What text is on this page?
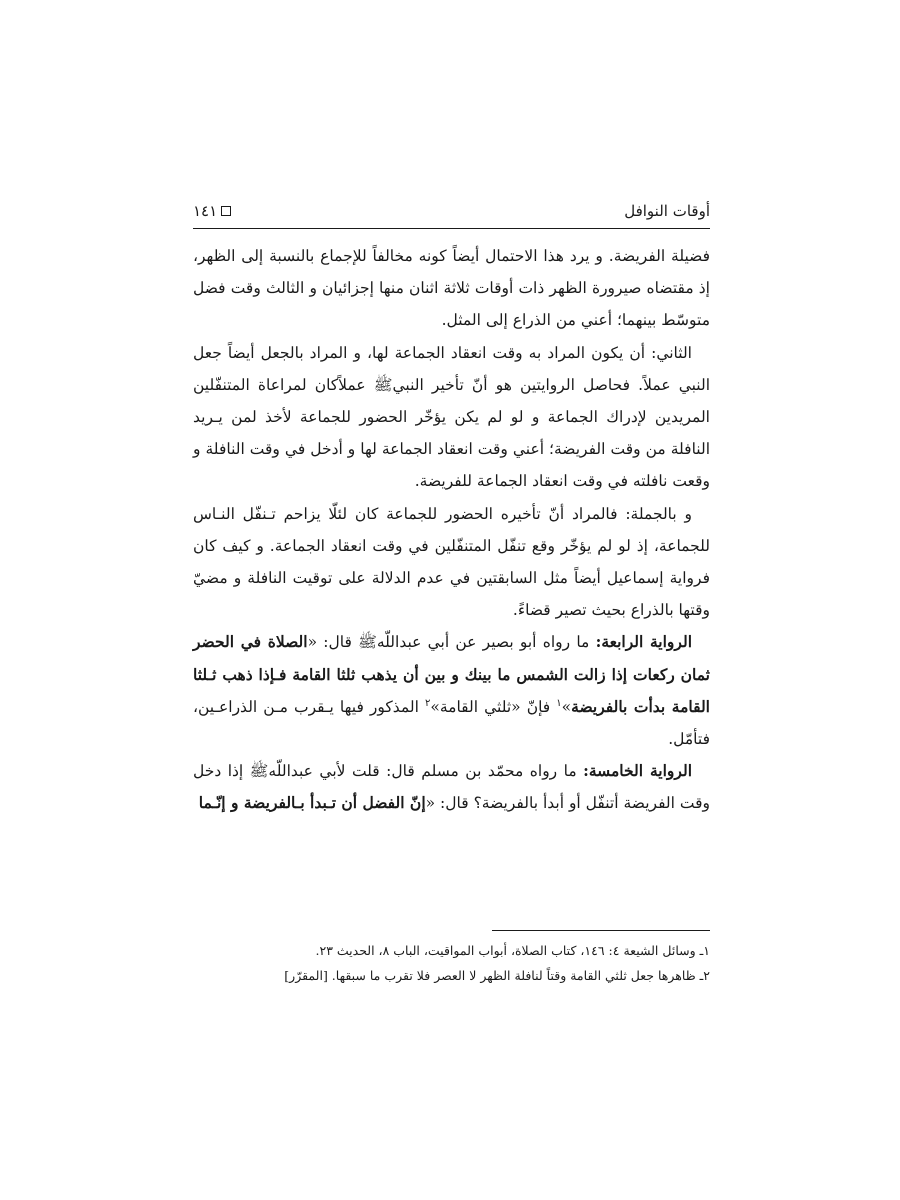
أوقات النوافل
١٤١

فضيلة الفريضة. و يرد هذا الاحتمال أيضاً كونه مخالفاً للإجماع بالنسبة إلى الظهر، إذ مقتضاه صيرورة الظهر ذات أوقات ثلاثة اثنان منها إجزائيان و الثالث وقت فضل متوسّط بينهما؛ أعني من الذراع إلى المثل.

الثاني: أن يكون المراد به وقت انعقاد الجماعة لها، و المراد بالجعل أيضاً جعل النبي عملاً. فحاصل الروايتين هو أنّ تأخير النبيﷺ عملاًكان لمراعاة المتنفّلين المريدين لإدراك الجماعة و لو لم يكن يؤخّر الحضور للجماعة لأخذ لمن يـريد النافلة من وقت الفريضة؛ أعني وقت انعقاد الجماعة لها و أدخل في وقت النافلة و وقعت نافلته في وقت انعقاد الجماعة للفريضة.

و بالجملة: فالمراد أنّ تأخيره الحضور للجماعة كان لئلّا يزاحم تـنفّل النـاس للجماعة، إذ لو لم يؤخّر وقع تنفّل المتنفّلين في وقت انعقاد الجماعة. و كيف كان فرواية إسماعيل أيضاً مثل السابقتين في عدم الدلالة على توقيت النافلة و مضيّ وقتها بالذراع بحيث تصير قضاءً.

الرواية الرابعة: ما رواه أبو بصير عن أبي عبداللّهﷺ قال: «الصلاة في الحضر ثمان ركعات إذا زالت الشمس ما بينك و بين أن يذهب ثلثا القامة فـإذا ذهب ثـلثا القامة بدأت بالفريضة»$^١$ فإنّ «ثلثي القامة»$^٢$ المذكور فيها يـقرب مـن الذراعـين، فتأمّل.

الرواية الخامسة: ما رواه محمّد بن مسلم قال: قلت لأبي عبداللّهﷺ إذا دخل وقت الفريضة أتنفّل أو أبدأ بالفريضة؟ قال: «إنّ الفضل أن تـبدأ بـالفريضة و إنّـما

١ـ وسائل الشيعة ٤: ١٤٦، كتاب الصلاة، أبواب المواقيت، الباب ٨، الحديث ٢٣.
٢ـ ظاهرها جعل ثلثي القامة وقتاً لنافلة الظهر لا العصر فلا تقرب ما سبقها. [المقرّر]
